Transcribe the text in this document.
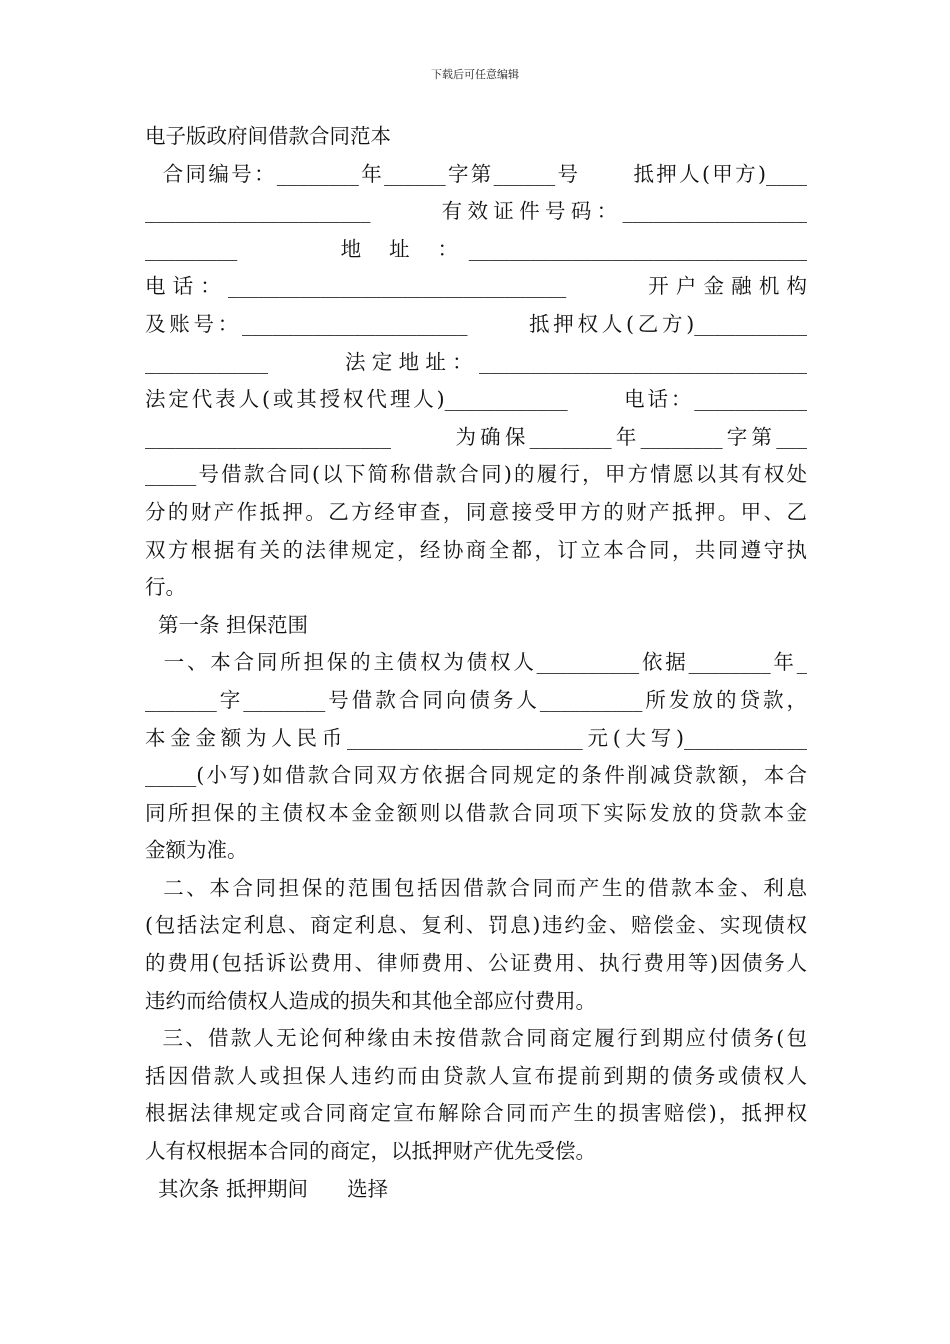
下载后可任意编辑
电子版政府间借款合同范本
合同编号：________年______字第______号      抵押人(甲方)____
______________________      有效证件号码：__________________
_________      地 址 ：_________________________________
电话：_________________________________      开户金融机构
及账号：______________________      抵押权人(乙方)___________
____________      法定地址：________________________________
法定代表人(或其授权代理人)____________      电话：___________
________________________      为确保________年________字第___
_____号借款合同(以下简称借款合同)的履行，甲方情愿以其有权处
分的财产作抵押。乙方经审查，同意接受甲方的财产抵押。甲、乙
双方根据有关的法律规定，经协商全都，订立本合同，共同遵守执
行。
第一条 担保范围
一、本合同所担保的主债权为债权人__________依据________年_
_______字________号借款合同向债务人__________所发放的贷款，
本金金额为人民币_______________________元(大写)____________
_____(小写)如借款合同双方依据合同规定的条件削减贷款额，本合
同所担保的主债权本金金额则以借款合同项下实际发放的贷款本金
金额为准。
二、本合同担保的范围包括因借款合同而产生的借款本金、利息
(包括法定利息、商定利息、复利、罚息)违约金、赔偿金、实现债权
的费用(包括诉讼费用、律师费用、公证费用、执行费用等)因债务人
违约而给债权人造成的损失和其他全部应付费用。
三、借款人无论何种缘由未按借款合同商定履行到期应付债务(包
括因借款人或担保人违约而由贷款人宣布提前到期的债务或债权人
根据法律规定或合同商定宣布解除合同而产生的损害赔偿)，抵押权
人有权根据本合同的商定，以抵押财产优先受偿。
其次条 抵押期间      选择
